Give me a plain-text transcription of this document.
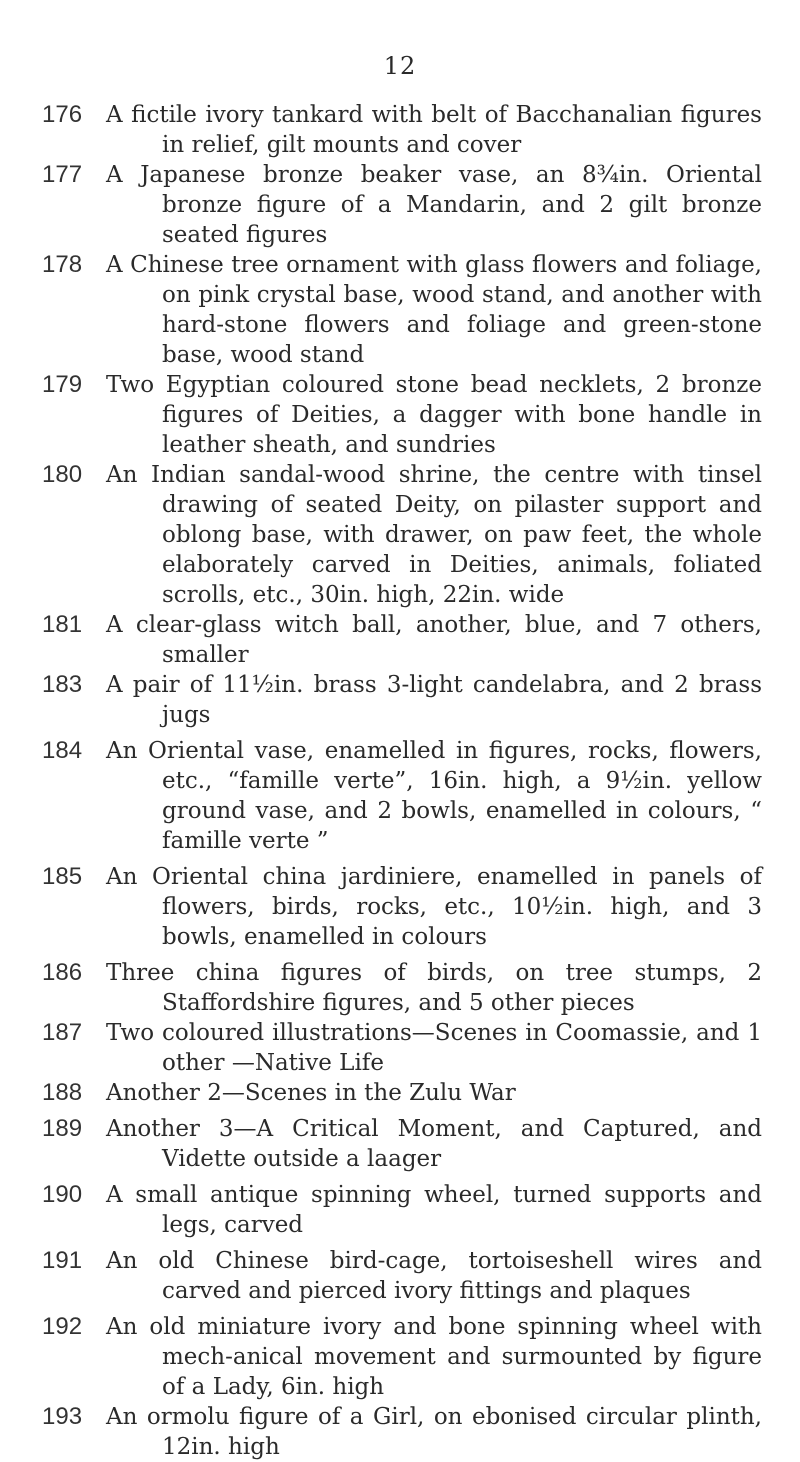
12
176	A fictile ivory tankard with belt of Bacchanalian figures in relief, gilt mounts and cover
177	A Japanese bronze beaker vase, an 8¾in. Oriental bronze figure of a Mandarin, and 2 gilt bronze seated figures
178	A Chinese tree ornament with glass flowers and foliage, on pink crystal base, wood stand, and another with hard-stone flowers and foliage and green-stone base, wood stand
179	Two Egyptian coloured stone bead necklets, 2 bronze figures of Deities, a dagger with bone handle in leather sheath, and sundries
180	An Indian sandal-wood shrine, the centre with tinsel drawing of seated Deity, on pilaster support and oblong base, with drawer, on paw feet, the whole elaborately carved in Deities, animals, foliated scrolls, etc., 30in. high, 22in. wide
181	A clear-glass witch ball, another, blue, and 7 others, smaller
183	A pair of 11½in. brass 3-light candelabra, and 2 brass jugs
184	An Oriental vase, enamelled in figures, rocks, flowers, etc., “famille verte”, 16in. high, a 9½in. yellow ground vase, and 2 bowls, enamelled in colours, “ famille verte ”
185	An Oriental china jardiniere, enamelled in panels of flowers, birds, rocks, etc., 10½in. high, and 3 bowls, enamelled in colours
186	Three china figures of birds, on tree stumps, 2 Staffordshire figures, and 5 other pieces
187	Two coloured illustrations—Scenes in Coomassie, and 1 other —Native Life
188	Another 2—Scenes in the Zulu War
189	Another 3—A Critical Moment, and Captured, and Vidette outside a laager
190	A small antique spinning wheel, turned supports and legs, carved
191	An old Chinese bird-cage, tortoiseshell wires and carved and pierced ivory fittings and plaques
192	An old miniature ivory and bone spinning wheel with mech-anical movement and surmounted by figure of a Lady, 6in. high
193	An ormolu figure of a Girl, on ebonised circular plinth, 12in. high
